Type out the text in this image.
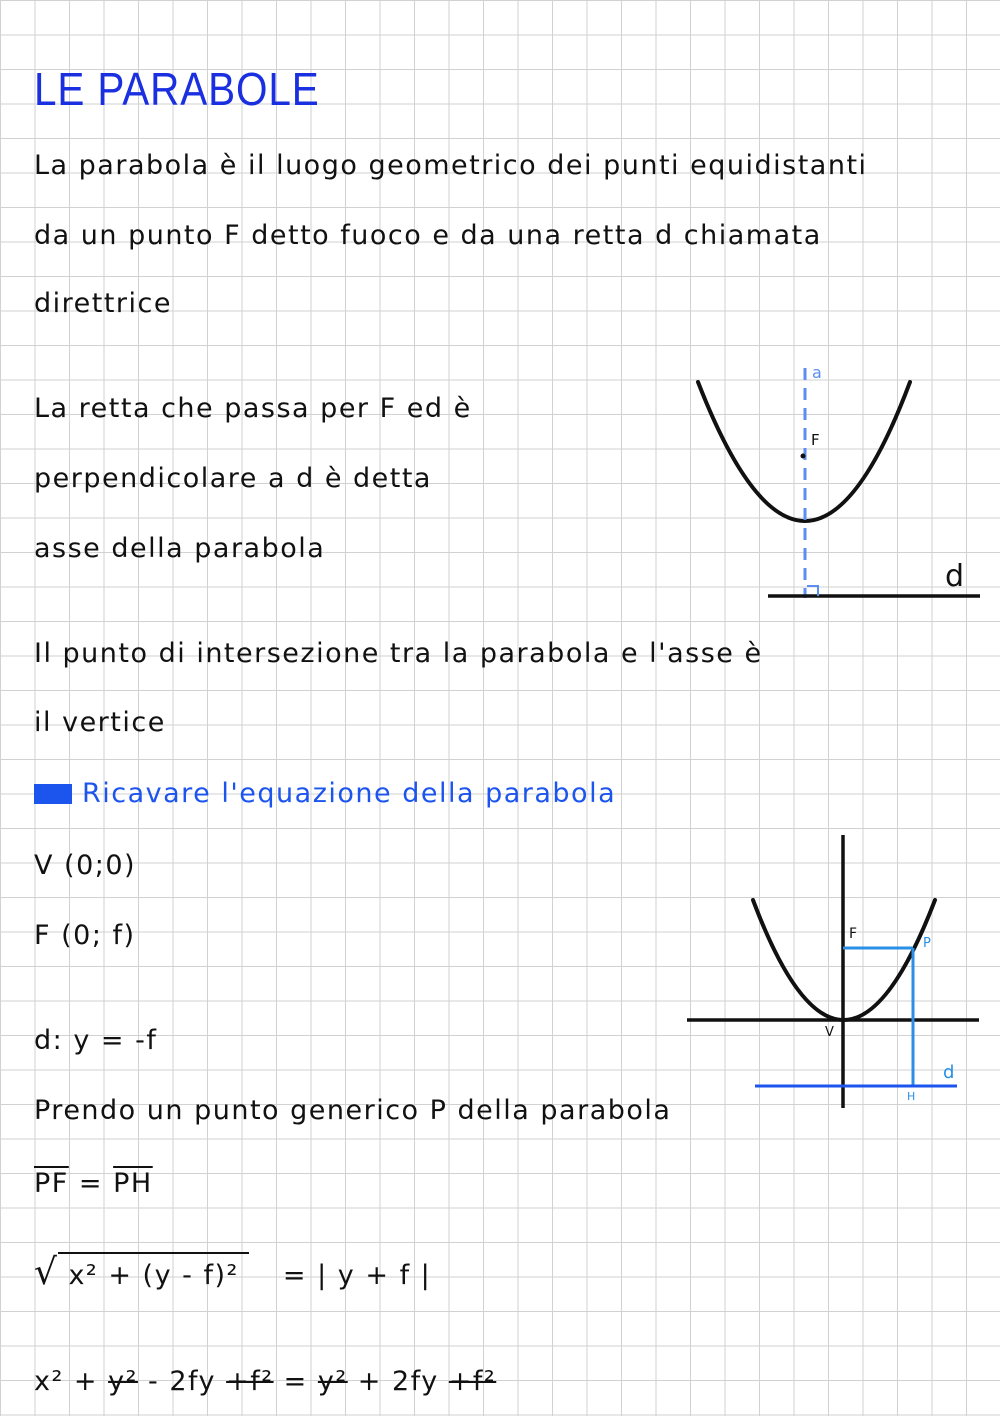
LE PARABOLE
La parabola è il luogo geometrico dei punti equidistanti
da un punto F detto fuoco e da una retta d chiamata
direttrice
La retta che passa per F ed è
perpendicolare a d è detta
asse della parabola
a
F
d
Il punto di intersezione tra la parabola e l'asse è
il vertice
Ricavare l'equazione della parabola
V (0;0)
F (0; f)
d: y = -f
F
P
V
H
d
Prendo un punto generico P della parabola
$\overline{PF} = \overline{PH}$
√ x² + (y - f)² = | y + f |
x² + y² - 2fy +f² = y² + 2fy +f²
